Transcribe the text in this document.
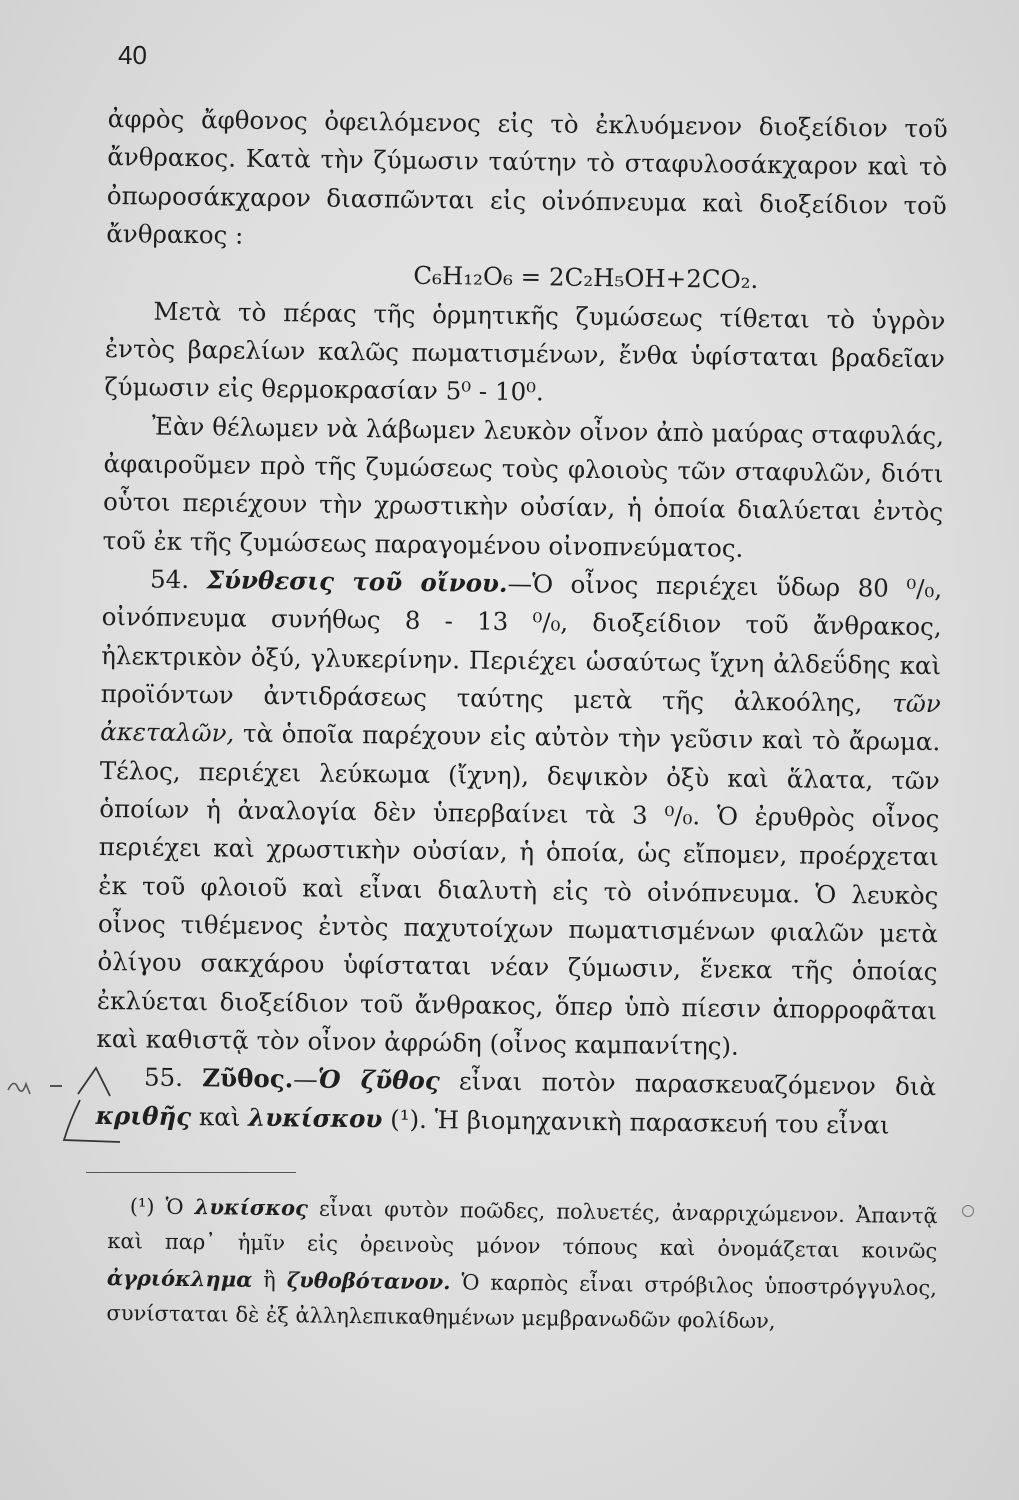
40

ἀφρὸς ἄφθονος ὀφειλόμενος εἰς τὸ ἐκλυόμενον διοξείδιον τοῦ ἄνθρακος. Κατὰ τὴν ζύμωσιν ταύτην τὸ σταφυλοσάκχαρον καὶ τὸ ὀπωροσάκχαρον διασπῶνται εἰς οἰνόπνευμα καὶ διοξείδιον τοῦ ἄνθρακος :

C₆H₁₂O₆ = 2C₂H₅OH+2CO₂.

Μετὰ τὸ πέρας τῆς ὁρμητικῆς ζυμώσεως τίθεται τὸ ὑγρὸν ἐντὸς βαρελίων καλῶς πωματισμένων, ἔνθα ὑφίσταται βραδεῖαν ζύμωσιν εἰς θερμοκρασίαν 5⁰ - 10⁰.

Ἐὰν θέλωμεν νὰ λάβωμεν λευκὸν οἶνον ἀπὸ μαύρας σταφυλάς, ἀφαιροῦμεν πρὸ τῆς ζυμώσεως τοὺς φλοιοὺς τῶν σταφυλῶν, διότι οὗτοι περιέχουν τὴν χρωστικὴν οὐσίαν, ἡ ὁποία διαλύεται ἐντὸς τοῦ ἐκ τῆς ζυμώσεως παραγομένου οἰνοπνεύματος.

54. Σύνθεσις τοῦ οἴνου.—Ὁ οἶνος περιέχει ὕδωρ 80 ⁰/₀, οἰνόπνευμα συνήθως 8 - 13 ⁰/₀, διοξείδιον τοῦ ἄνθρακος, ἠλεκτρικὸν ὀξύ, γλυκερίνην. Περιέχει ὡσαύτως ἴχνη ἀλδεΰδης καὶ προϊόντων ἀντιδράσεως ταύτης μετὰ τῆς ἀλκοόλης, τῶν ἀκεταλῶν, τὰ ὁποῖα παρέχουν εἰς αὐτὸν τὴν γεῦσιν καὶ τὸ ἄρωμα. Τέλος, περιέχει λεύκωμα (ἴχνη), δεψικὸν ὀξὺ καὶ ἅλατα, τῶν ὁποίων ἡ ἀναλογία δὲν ὑπερβαίνει τὰ 3 ⁰/₀. Ὁ ἐρυθρὸς οἶνος περιέχει καὶ χρωστικὴν οὐσίαν, ἡ ὁποία, ὡς εἴπομεν, προέρχεται ἐκ τοῦ φλοιοῦ καὶ εἶναι διαλυτὴ εἰς τὸ οἰνόπνευμα. Ὁ λευκὸς οἶνος τιθέμενος ἐντὸς παχυτοίχων πωματισμένων φιαλῶν μετὰ ὀλίγου σακχάρου ὑφίσταται νέαν ζύμωσιν, ἕνεκα τῆς ὁποίας ἐκλύεται διοξείδιον τοῦ ἄνθρακος, ὅπερ ὑπὸ πίεσιν ἀπορροφᾶται καὶ καθιστᾷ τὸν οἶνον ἀφρώδη (οἶνος καμπανίτης).

55. Ζῦθος.—Ὁ ζῦθος εἶναι ποτὸν παρασκευαζόμενον διὰ κριθῆς καὶ λυκίσκου (¹). Ἡ βιομηχανικὴ παρασκευή του εἶναι

(¹) Ὁ λυκίσκος εἶναι φυτὸν ποῶδες, πολυετές, ἀναρριχώμενον. Ἀπαντᾷ καὶ παρ᾽ ἡμῖν εἰς ὀρεινοὺς μόνον τόπους καὶ ὀνομάζεται κοινῶς ἀγριόκλημα ἢ ζυθοβότανον. Ὁ καρπὸς εἶναι στρόβιλος ὑποστρόγγυλος, συνίσταται δὲ ἐξ ἀλληλεπικαθημένων μεμβρανωδῶν φολίδων,
